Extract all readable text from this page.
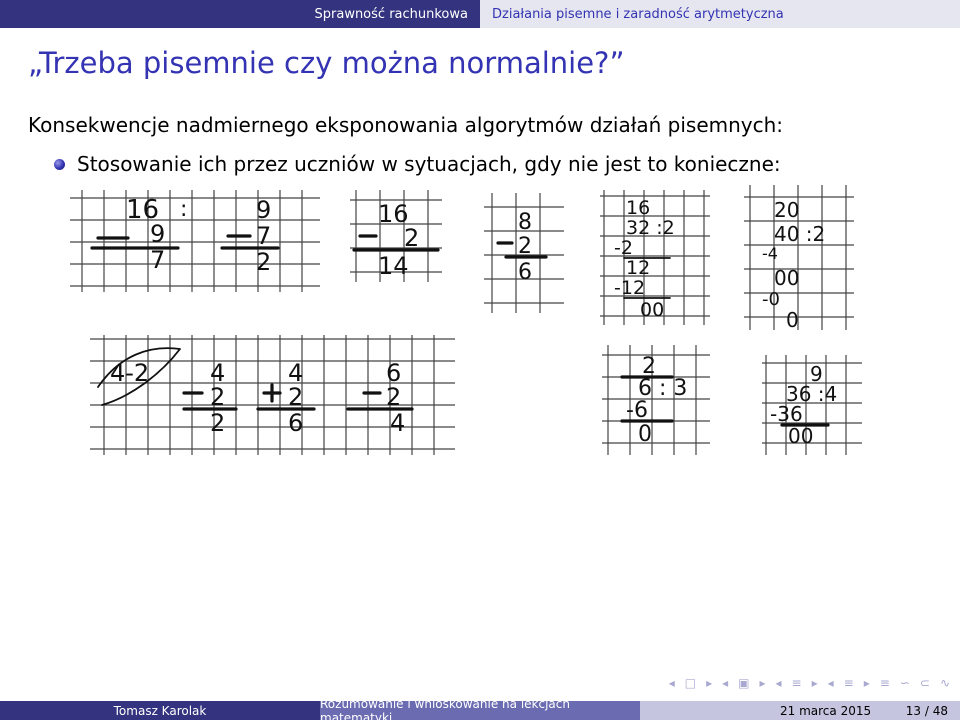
Sprawność rachunkowa Działania pisemne i zaradność arytmetyczna
„Trzeba pisemnie czy można normalnie?”
Konsekwencje nadmiernego eksponowania algorytmów działań pisemnych:
Stosowanie ich przez uczniów w sytuacjach, gdy nie jest to konieczne:
16 :
9
7
9
7
2
16
2
14
8
2
6
16
32 :2
-2
12
-12
00
20
40 :2
-4
00
-0
0
4-2	4
2
2
4
2
6
6
2
4
2
6 : 3
-6
0
9
36 :4
-36
00
◂ □ ▸ ◂ ▣ ▸ ◂ ≡ ▸ ◂ ≡ ▸ ≡ ∽ ⊂ ∿
Tomasz Karolak	Rozumowanie i wnioskowanie na lekcjach matematyki	21 marca 2015	13 / 48
